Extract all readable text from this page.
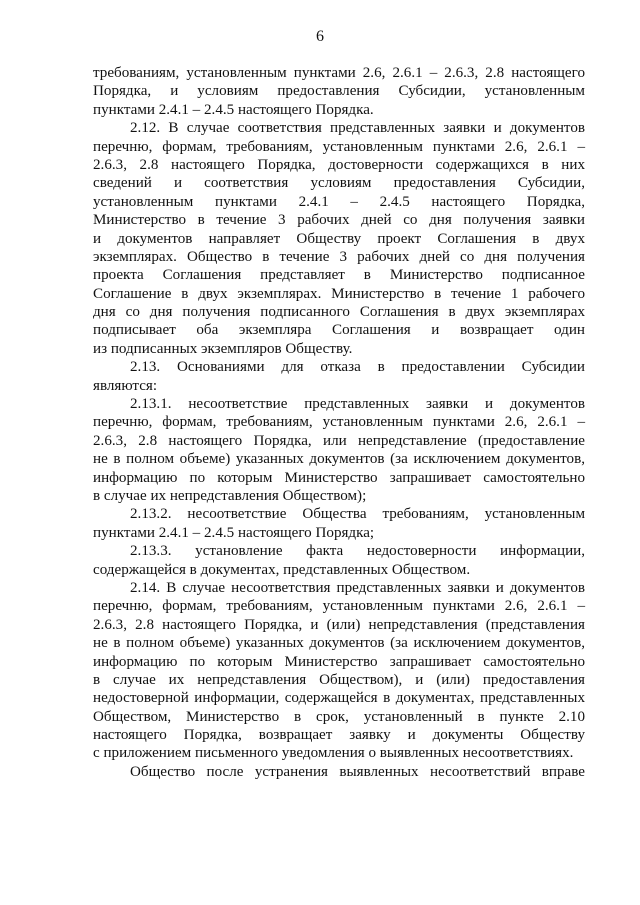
6
требованиям, установленным пунктами 2.6, 2.6.1 – 2.6.3, 2.8 настоящего
Порядка, и условиям предоставления Субсидии, установленным
пунктами 2.4.1 – 2.4.5 настоящего Порядка.
2.12. В случае соответствия представленных заявки и документов
перечню, формам, требованиям, установленным пунктами 2.6, 2.6.1 –
2.6.3, 2.8 настоящего Порядка, достоверности содержащихся в них
сведений и соответствия условиям предоставления Субсидии,
установленным пунктами 2.4.1 – 2.4.5 настоящего Порядка,
Министерство в течение 3 рабочих дней со дня получения заявки
и документов направляет Обществу проект Соглашения в двух
экземплярах. Общество в течение 3 рабочих дней со дня получения
проекта Соглашения представляет в Министерство подписанное
Соглашение в двух экземплярах. Министерство в течение 1 рабочего
дня со дня получения подписанного Соглашения в двух экземплярах
подписывает оба экземпляра Соглашения и возвращает один
из подписанных экземпляров Обществу.
2.13. Основаниями для отказа в предоставлении Субсидии
являются:
2.13.1. несоответствие представленных заявки и документов
перечню, формам, требованиям, установленным пунктами 2.6, 2.6.1 –
2.6.3, 2.8 настоящего Порядка, или непредставление (предоставление
не в полном объеме) указанных документов (за исключением документов,
информацию по которым Министерство запрашивает самостоятельно
в случае их непредставления Обществом);
2.13.2. несоответствие Общества требованиям, установленным
пунктами 2.4.1 – 2.4.5 настоящего Порядка;
2.13.3. установление факта недостоверности информации,
содержащейся в документах, представленных Обществом.
2.14. В случае несоответствия представленных заявки и документов
перечню, формам, требованиям, установленным пунктами 2.6, 2.6.1 –
2.6.3, 2.8 настоящего Порядка, и (или) непредставления (представления
не в полном объеме) указанных документов (за исключением документов,
информацию по которым Министерство запрашивает самостоятельно
в случае их непредставления Обществом), и (или) предоставления
недостоверной информации, содержащейся в документах, представленных
Обществом, Министерство в срок, установленный в пункте 2.10
настоящего Порядка, возвращает заявку и документы Обществу
с приложением письменного уведомления о выявленных несоответствиях.
Общество после устранения выявленных несоответствий вправе
